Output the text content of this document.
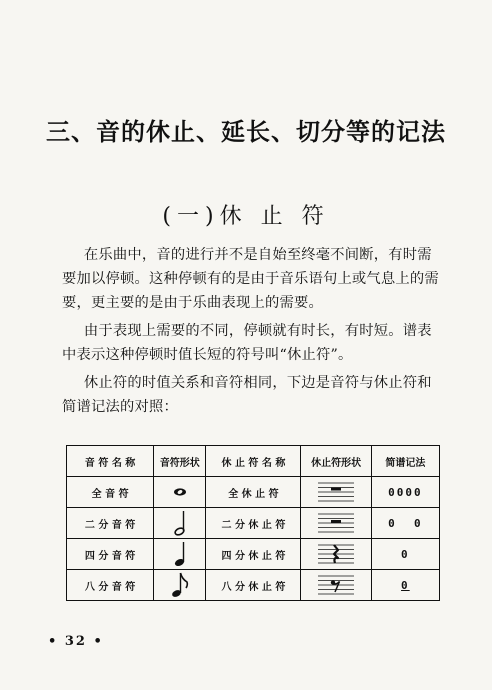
三、音的休止、延长、切分等的记法
(一)休 止 符

  在乐曲中，音的进行并不是自始至终毫不间断，有时需要加以停顿。这种停顿有的是由于音乐语句上或气息上的需要，更主要的是由于乐曲表现上的需要。

  由于表现上需要的不同，停顿就有时长，有时短。谱表中表示这种停顿时值长短的符号叫“休止符”。

  休止符的时值关系和音符相同，下边是音符与休止符和简谱记法的对照：

音 符 名 称	音符形状	休 止 符 名 称	休止符形状	简谱记法
全 音 符		全 休 止 符		0000
二 分 音 符		二 分 休 止 符		0  0
四 分 音 符		四 分 休 止 符		0
八 分 音 符		八 分 休 止 符		0
• 32 •
